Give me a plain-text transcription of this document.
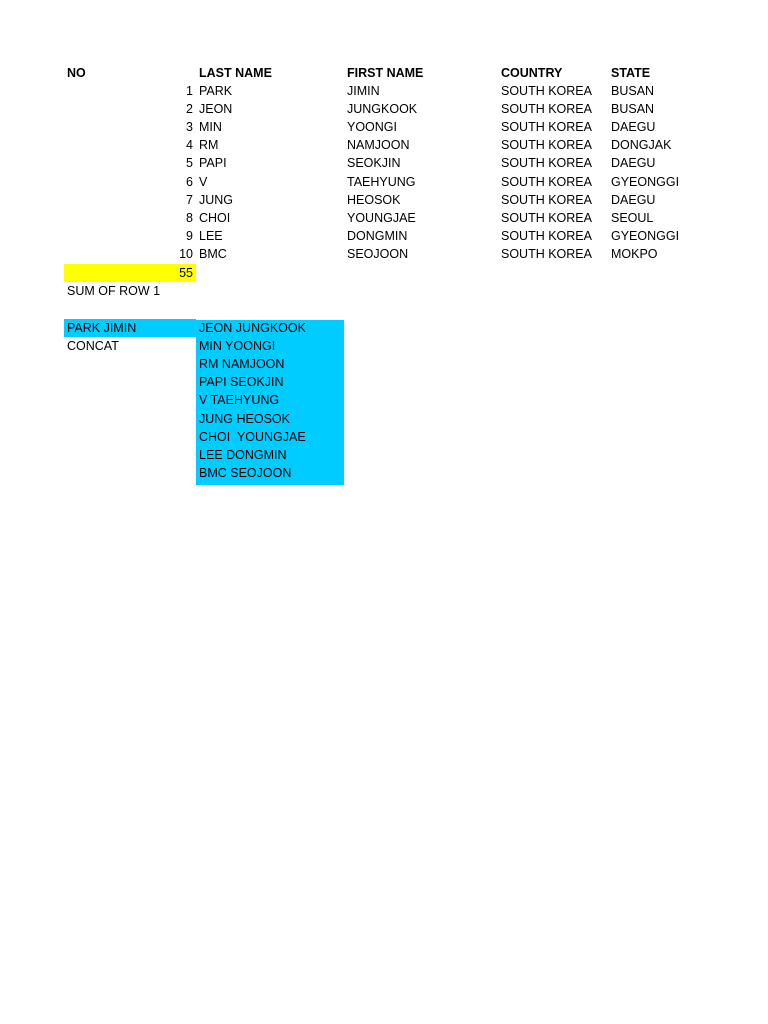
NO	LAST NAME	FIRST NAME	COUNTRY	STATE
1 PARK	JIMIN	SOUTH KOREA	BUSAN
2 JEON	JUNGKOOK	SOUTH KOREA	BUSAN
3 MIN	YOONGI	SOUTH KOREA	DAEGU
4 RM	NAMJOON	SOUTH KOREA	DONGJAK
5 PAPI	SEOKJIN	SOUTH KOREA	DAEGU
6 V	TAEHYUNG	SOUTH KOREA	GYEONGGI
7 JUNG	HEOSOK	SOUTH KOREA	DAEGU
8 CHOI	YOUNGJAE	SOUTH KOREA	SEOUL
9 LEE	DONGMIN	SOUTH KOREA	GYEONGGI
10 BMC	SEOJOON	SOUTH KOREA	MOKPO
55
SUM OF ROW 1
PARK JIMIN	JEON JUNGKOOK
CONCAT	MIN YOONGI
RM NAMJOON
PAPI SEOKJIN
V TAEHYUNG
JUNG HEOSOK
CHOI  YOUNGJAE
LEE DONGMIN
BMC SEOJOON
